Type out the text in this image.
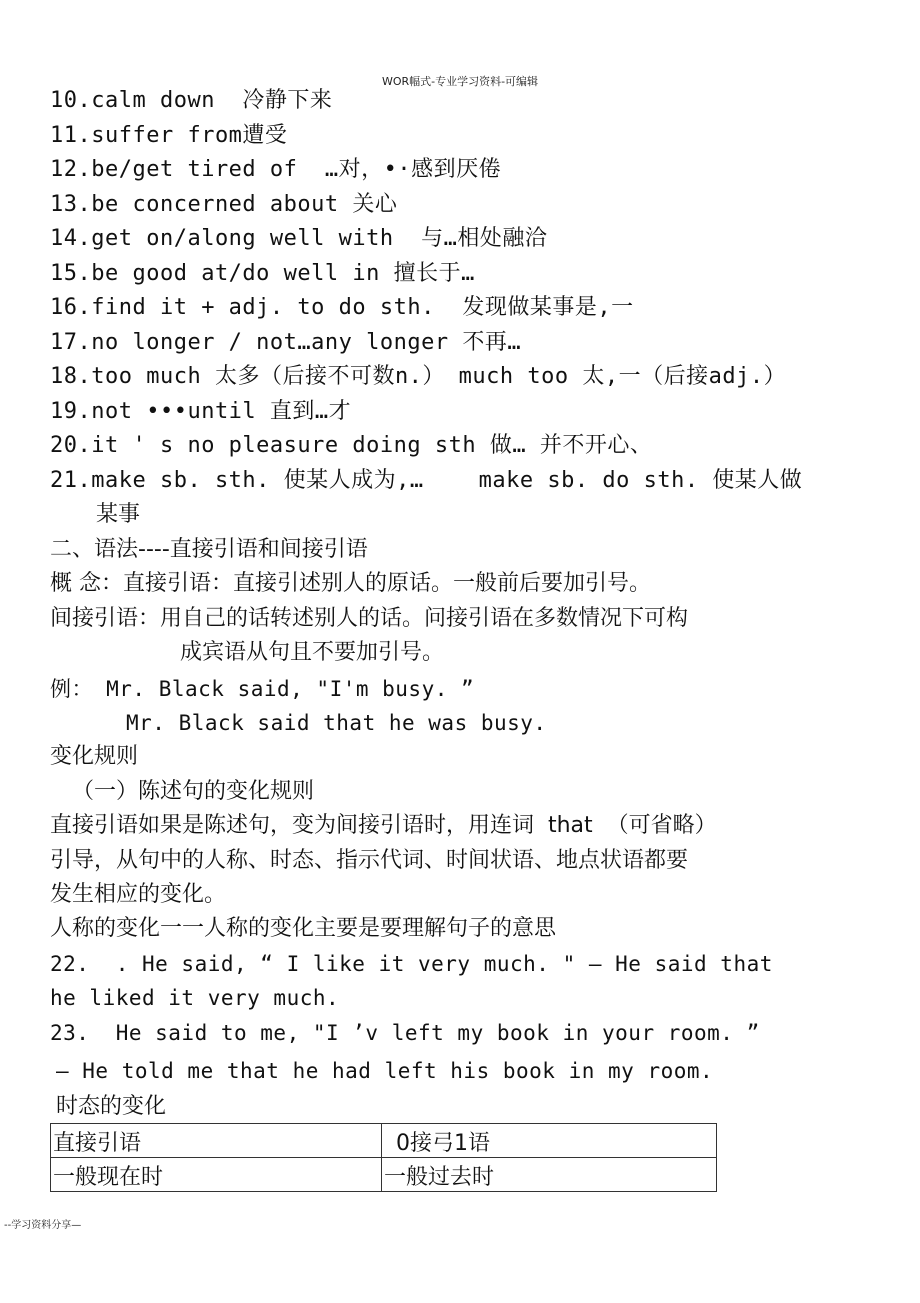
WOR幅式-专业学习资料-可编辑
10.calm down  冷静下来
11.suffer from遭受
12.be/get tired of  …对，•·感到厌倦
13.be concerned about 关心
14.get on/along well with  与…相处融洽
15.be good at/do well in 擅长于…
16.find it + adj. to do sth.  发现做某事是,一
17.no longer / not…any longer 不再…
18.too much 太多（后接不可数n.） much too 太,一（后接adj.）
19.not •••until 直到…才
20.it ' s no pleasure doing sth 做… 并不开心、
21.make sb. sth. 使某人成为,…    make sb. do sth. 使某人做
某事
二、语法----直接引语和间接引语
概 念：直接引语：直接引述别人的原话。一般前后要加引号。
间接引语：用自己的话转述别人的话。问接引语在多数情况下可构
成宾语从句且不要加引号。
例： Mr. Black said, "I'm busy. ”
Mr. Black said that he was busy.
变化规则
（一）陈述句的变化规则
直接引语如果是陈述句，变为间接引语时，用连词  that  （可省略）
引导，从句中的人称、时态、指示代词、时间状语、地点状语都要
发生相应的变化。
人称的变化一一人称的变化主要是要理解句子的意思
22.  . He said, “ I like it very much. " — He said that
he liked it very much.
23.  He said to me, "I ’v left my book in your room. ”
— He told me that he had left his book in my room.
时态的变化
直接引语	0接弓1语
一般现在时	一般过去时
--学习资料分享—
